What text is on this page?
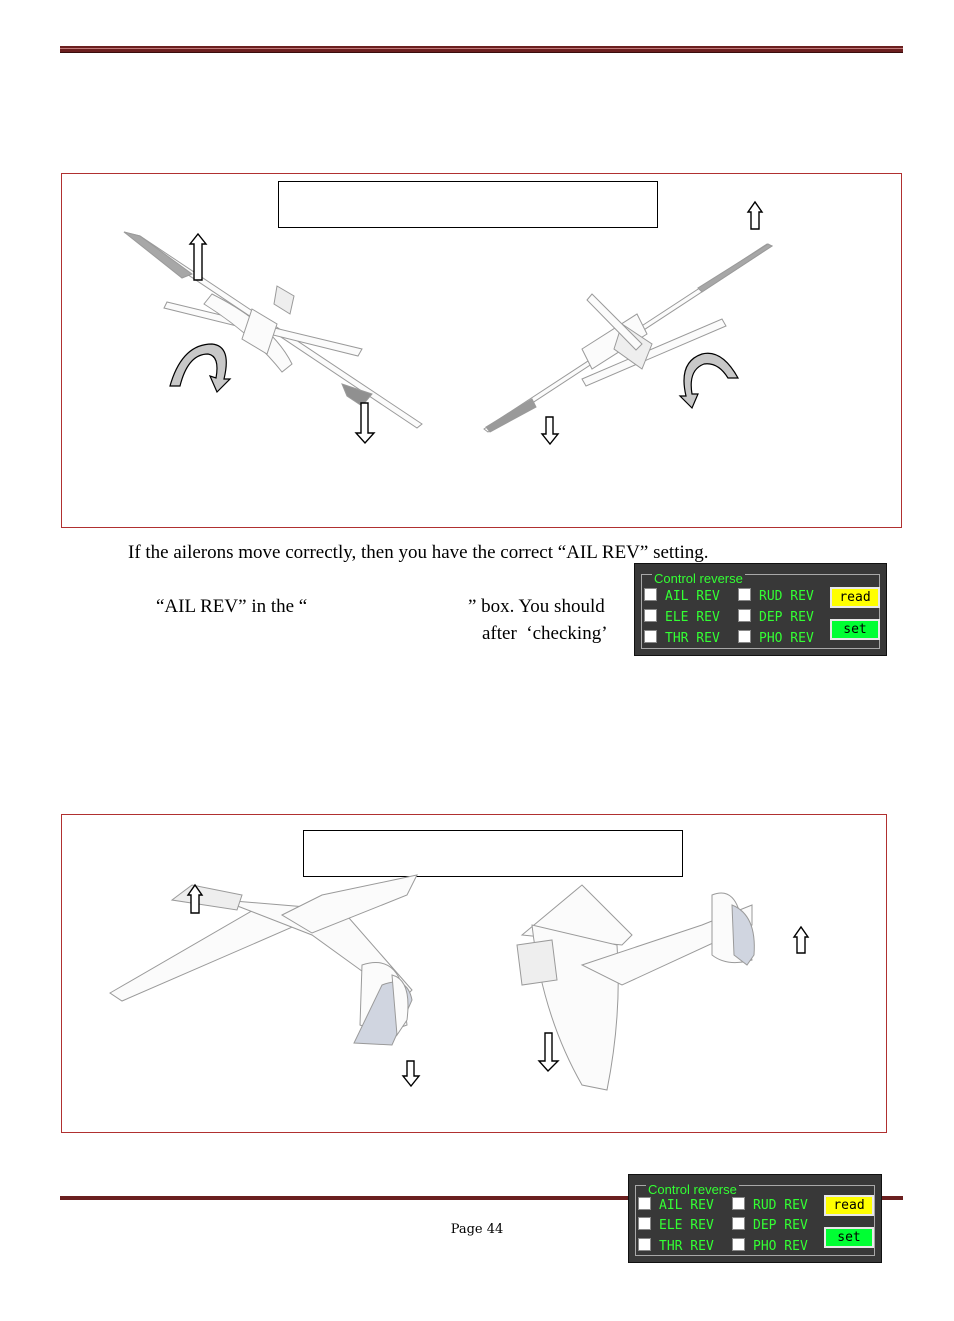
If the ailerons move correctly, then you have the correct “AIL REV” setting.

“AIL REV” in the “	” box. You should

after  ‘checking’

Control reverse
AIL REV
ELE REV
THR REV
RUD REV
DEP REV
PHO REV
read
set
Control reverse
AIL REV
ELE REV
THR REV
RUD REV
DEP REV
PHO REV
read
set
Page 44
